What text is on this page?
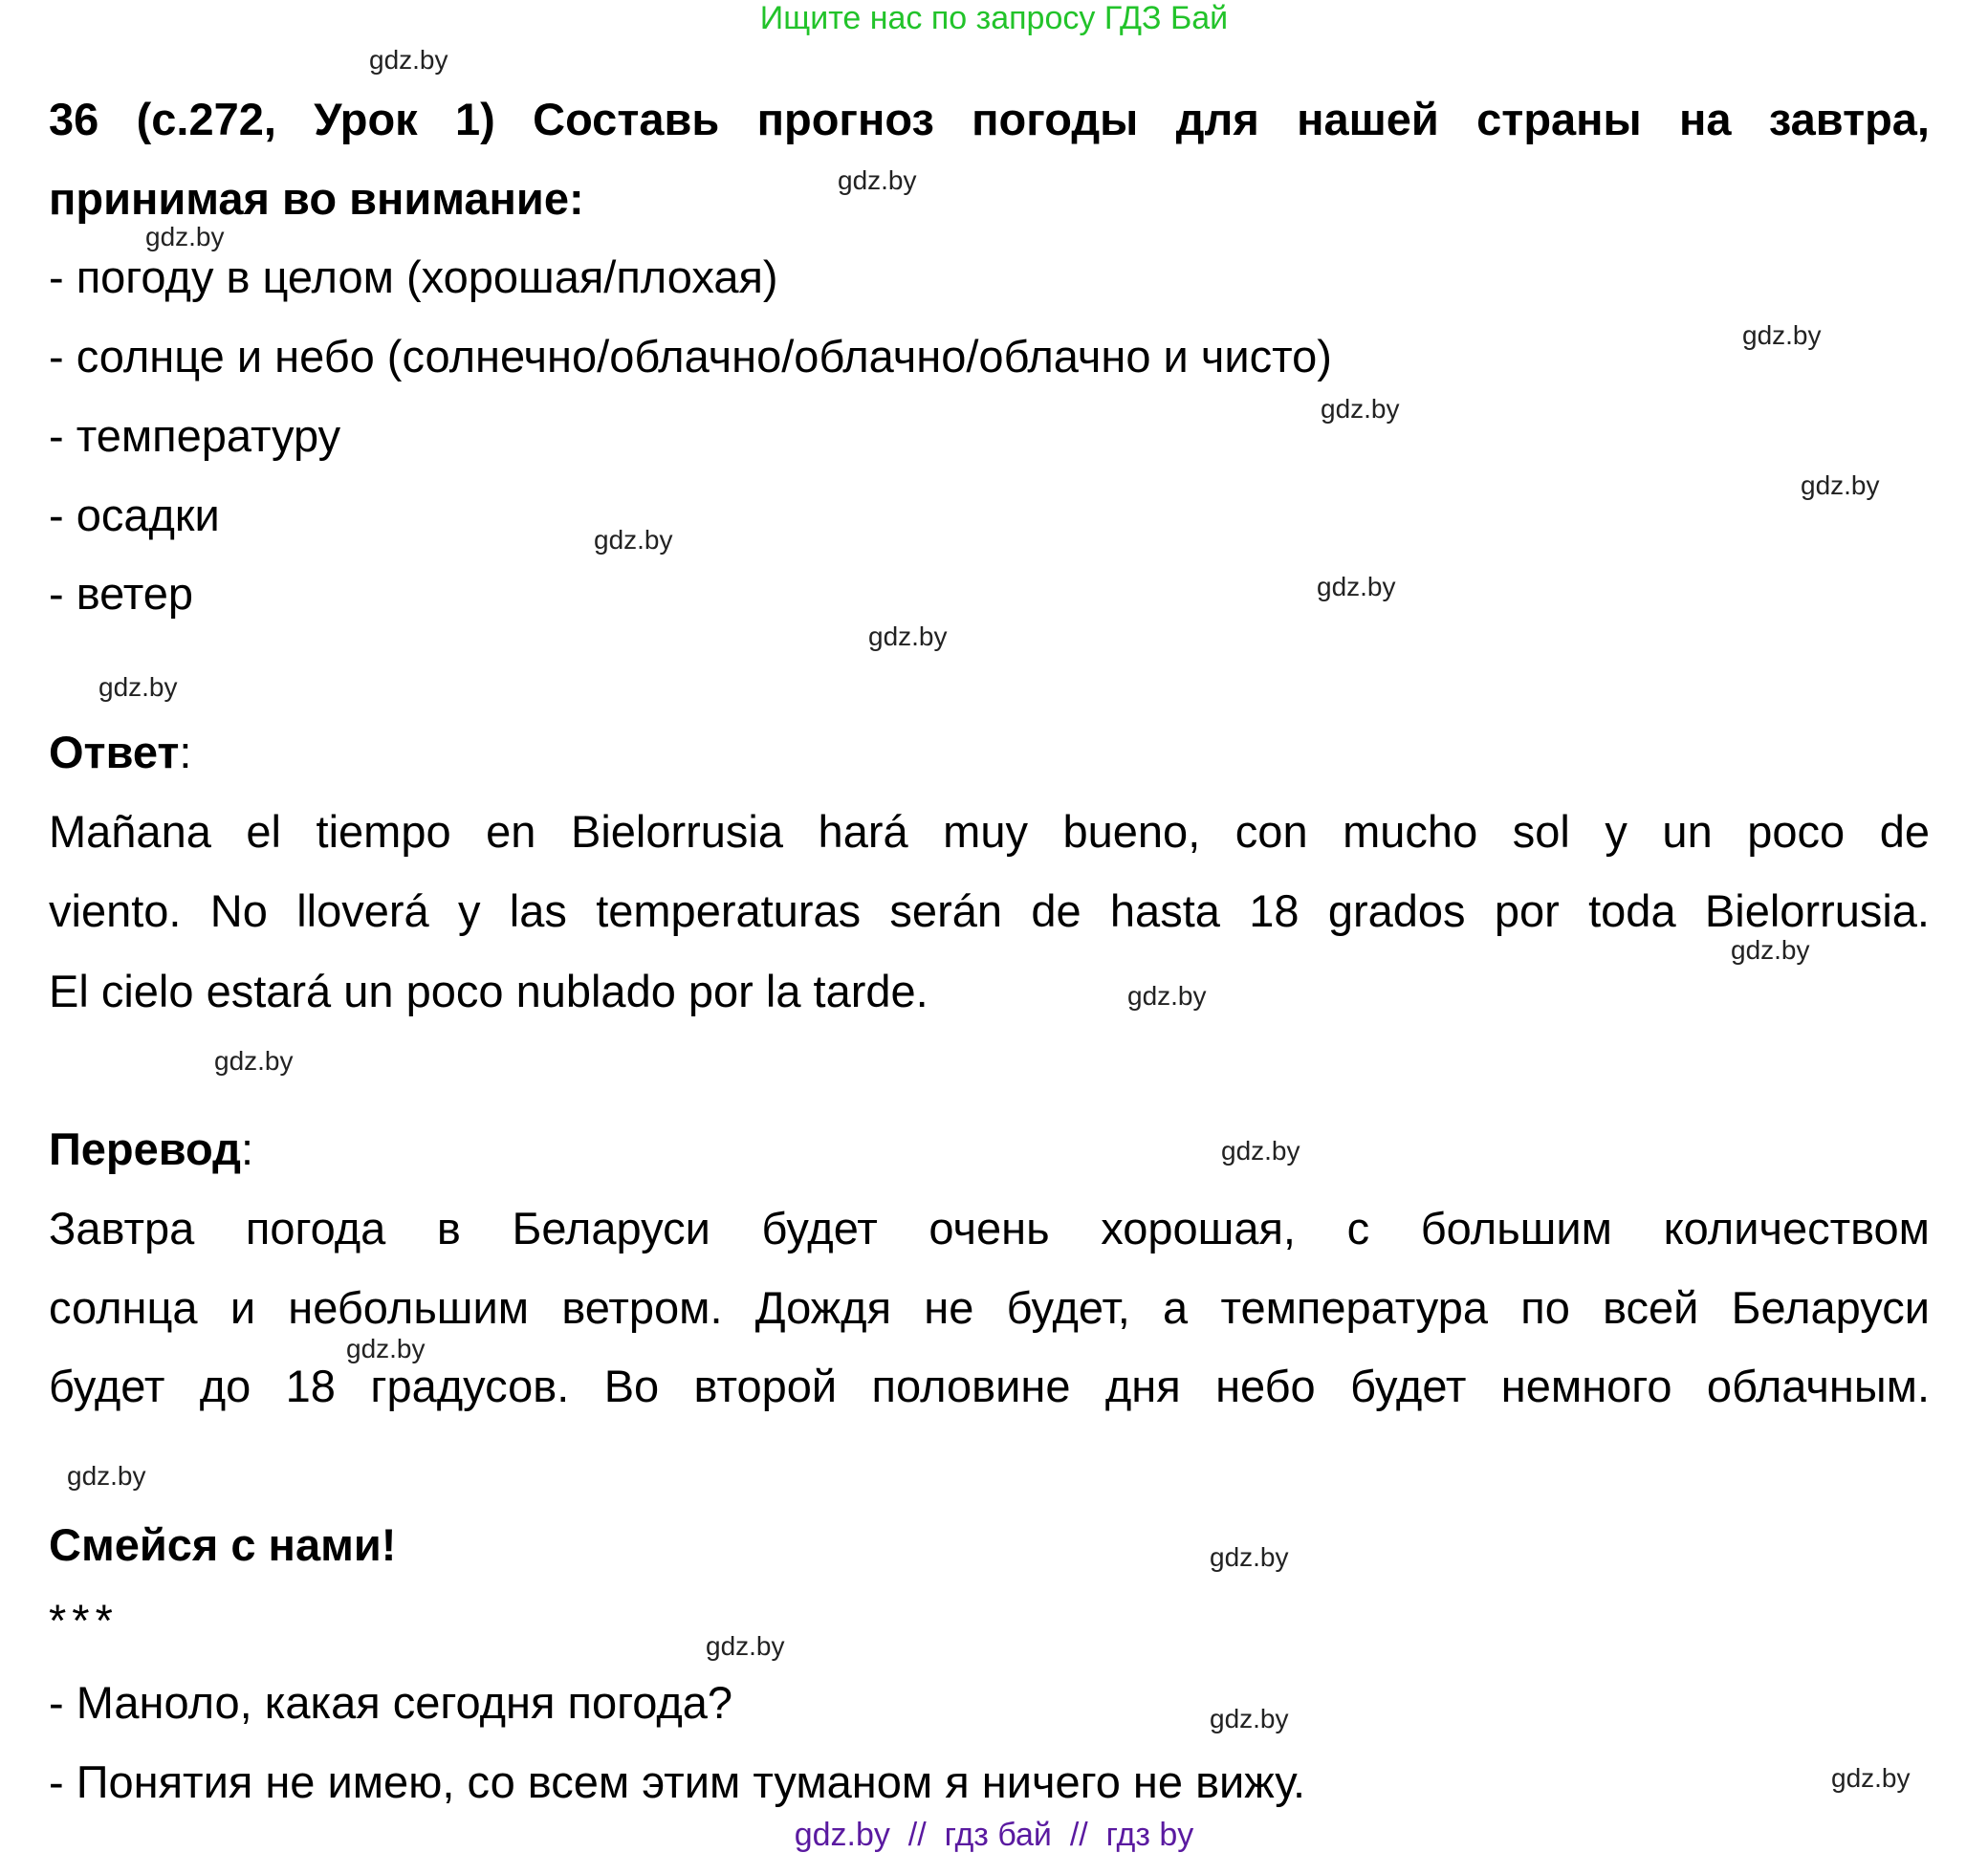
Ищите нас по запросу ГДЗ Бай
36 (с.272, Урок 1) Составь прогноз погоды для нашей страны на завтра,
принимая во внимание:
- погоду в целом (хорошая/плохая)
- солнце и небо (солнечно/облачно/облачно/облачно и чисто)
- температуру
- осадки
- ветер
Ответ:
Mañana el tiempo en Bielorrusia hará muy bueno, con mucho sol y un poco de
viento. No lloverá y las temperaturas serán de hasta 18 grados por toda Bielorrusia.
El cielo estará un poco nublado por la tarde.
Перевод:
Завтра погода в Беларуси будет очень хорошая, с большим количеством
солнца и небольшим ветром. Дождя не будет, а температура по всей Беларуси
будет до 18 градусов. Во второй половине дня небо будет немного облачным.
Смейся с нами!
***
- Маноло, какая сегодня погода?
- Понятия не имею, со всем этим туманом я ничего не вижу.
gdz.by
gdz.by
gdz.by
gdz.by
gdz.by
gdz.by
gdz.by
gdz.by
gdz.by
gdz.by
gdz.by
gdz.by
gdz.by
gdz.by
gdz.by
gdz.by
gdz.by
gdz.by
gdz.by
gdz.by
gdz.by  //  гдз бай  //  гдз by
